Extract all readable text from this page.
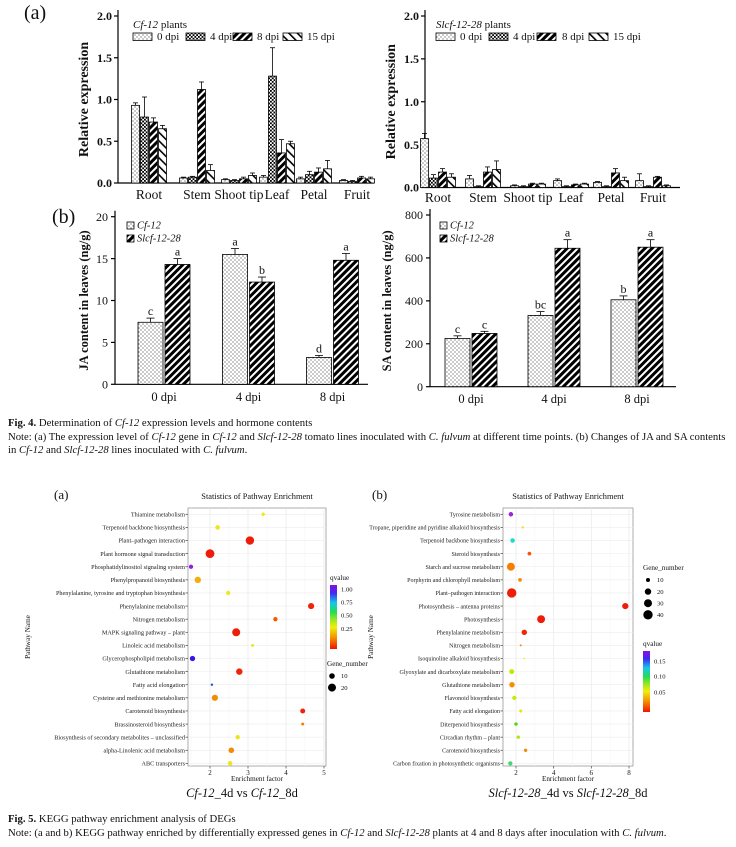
(a)
(b)
0.0
0.5
1.0
1.5
2.0
Relative expression
Root Stem Shoot tip Leaf Petal Fruit
Cf-12 plants
0 dpi	4 dpi 8 dpi	15 dpi
0.0
0.5
1.0
1.5
2.0
Relative expression
Root Stem Shoot tip Leaf Petal Fruit
Slcf-12-28 plants
0 dpi	4 dpi 8 dpi	15 dpi
0
5
10
15
20
JA content in leaves (ng/g)
0 dpi	4 dpi	8 dpi
c
a
d
a
b
a
Cf-12
Slcf-12-28
0
200
400
600
800
SA content in leaves (ng/g)
0 dpi	4 dpi	8 dpi
c
bc
b
c
a	a
Cf-12
Slcf-12-28
Fig. 4. Determination of Cf-12 expression levels and hormone contents
Note: (a) The expression level of Cf-12 gene in Cf-12 and Slcf-12-28 tomato lines inoculated with C. fulvum at different time points. (b) Changes of JA and SA contents
in Cf-12 and Slcf-12-28 lines inoculated with C. fulvum.
(a)	(b)
2	3	4	5
Thiamine metabolism
Terpenoid backbone biosynthesis
Plant–pathogen interaction
Plant hormone signal transduction
Phosphatidylinositol signaling system
Phenylpropanoid biosynthesis
Phenylalanine, tyrosine and tryptophan biosynthesis
Phenylalanine metabolism
Nitrogen metabolism
MAPK signaling pathway – plant
Linoleic acid metabolism
Glycerophospholipid metabolism
Glutathione metabolism
Fatty acid elongation
Cysteine and methionine metabolism
Carotenoid biosynthesis
Brassinosteroid biosynthesis
Biosynthesis of secondary metabolites – unclassified
alpha-Linolenic acid metabolism
ABC transporters
Statistics of Pathway Enrichment
Enrichment factor
Pathway Name
qvalue
1.00
0.75
0.50
0.25
Gene_number
10
20
2	4	6	8
Tyrosine metabolism
Tropane, piperidine and pyridine alkaloid biosynthesis
Terpenoid backbone biosynthesis
Steroid biosynthesis
Starch and sucrose metabolism
Porphyrin and chlorophyll metabolism
Plant–pathogen interaction
Photosynthesis – antenna proteins
Photosynthesis
Phenylalanine metabolism
Nitrogen metabolism
Isoquinoline alkaloid biosynthesis
Glyoxylate and dicarboxylate metabolism
Glutathione metabolism
Flavonoid biosynthesis
Fatty acid elongation
Diterpenoid biosynthesis
Circadian rhythm – plant
Carotenoid biosynthesis
Carbon fixation in photosynthetic organisms
Statistics of Pathway Enrichment
Enrichment factor
Pathway Name	qvalue
0.15
0.10
0.05
Gene_number
10
20
30
40
Cf-12_4d vs Cf-12_8d	Slcf-12-28_4d vs Slcf-12-28_8d
Fig. 5. KEGG pathway enrichment analysis of DEGs
Note: (a and b) KEGG pathway enriched by differentially expressed genes in Cf-12 and Slcf-12-28 plants at 4 and 8 days after inoculation with C. fulvum.
